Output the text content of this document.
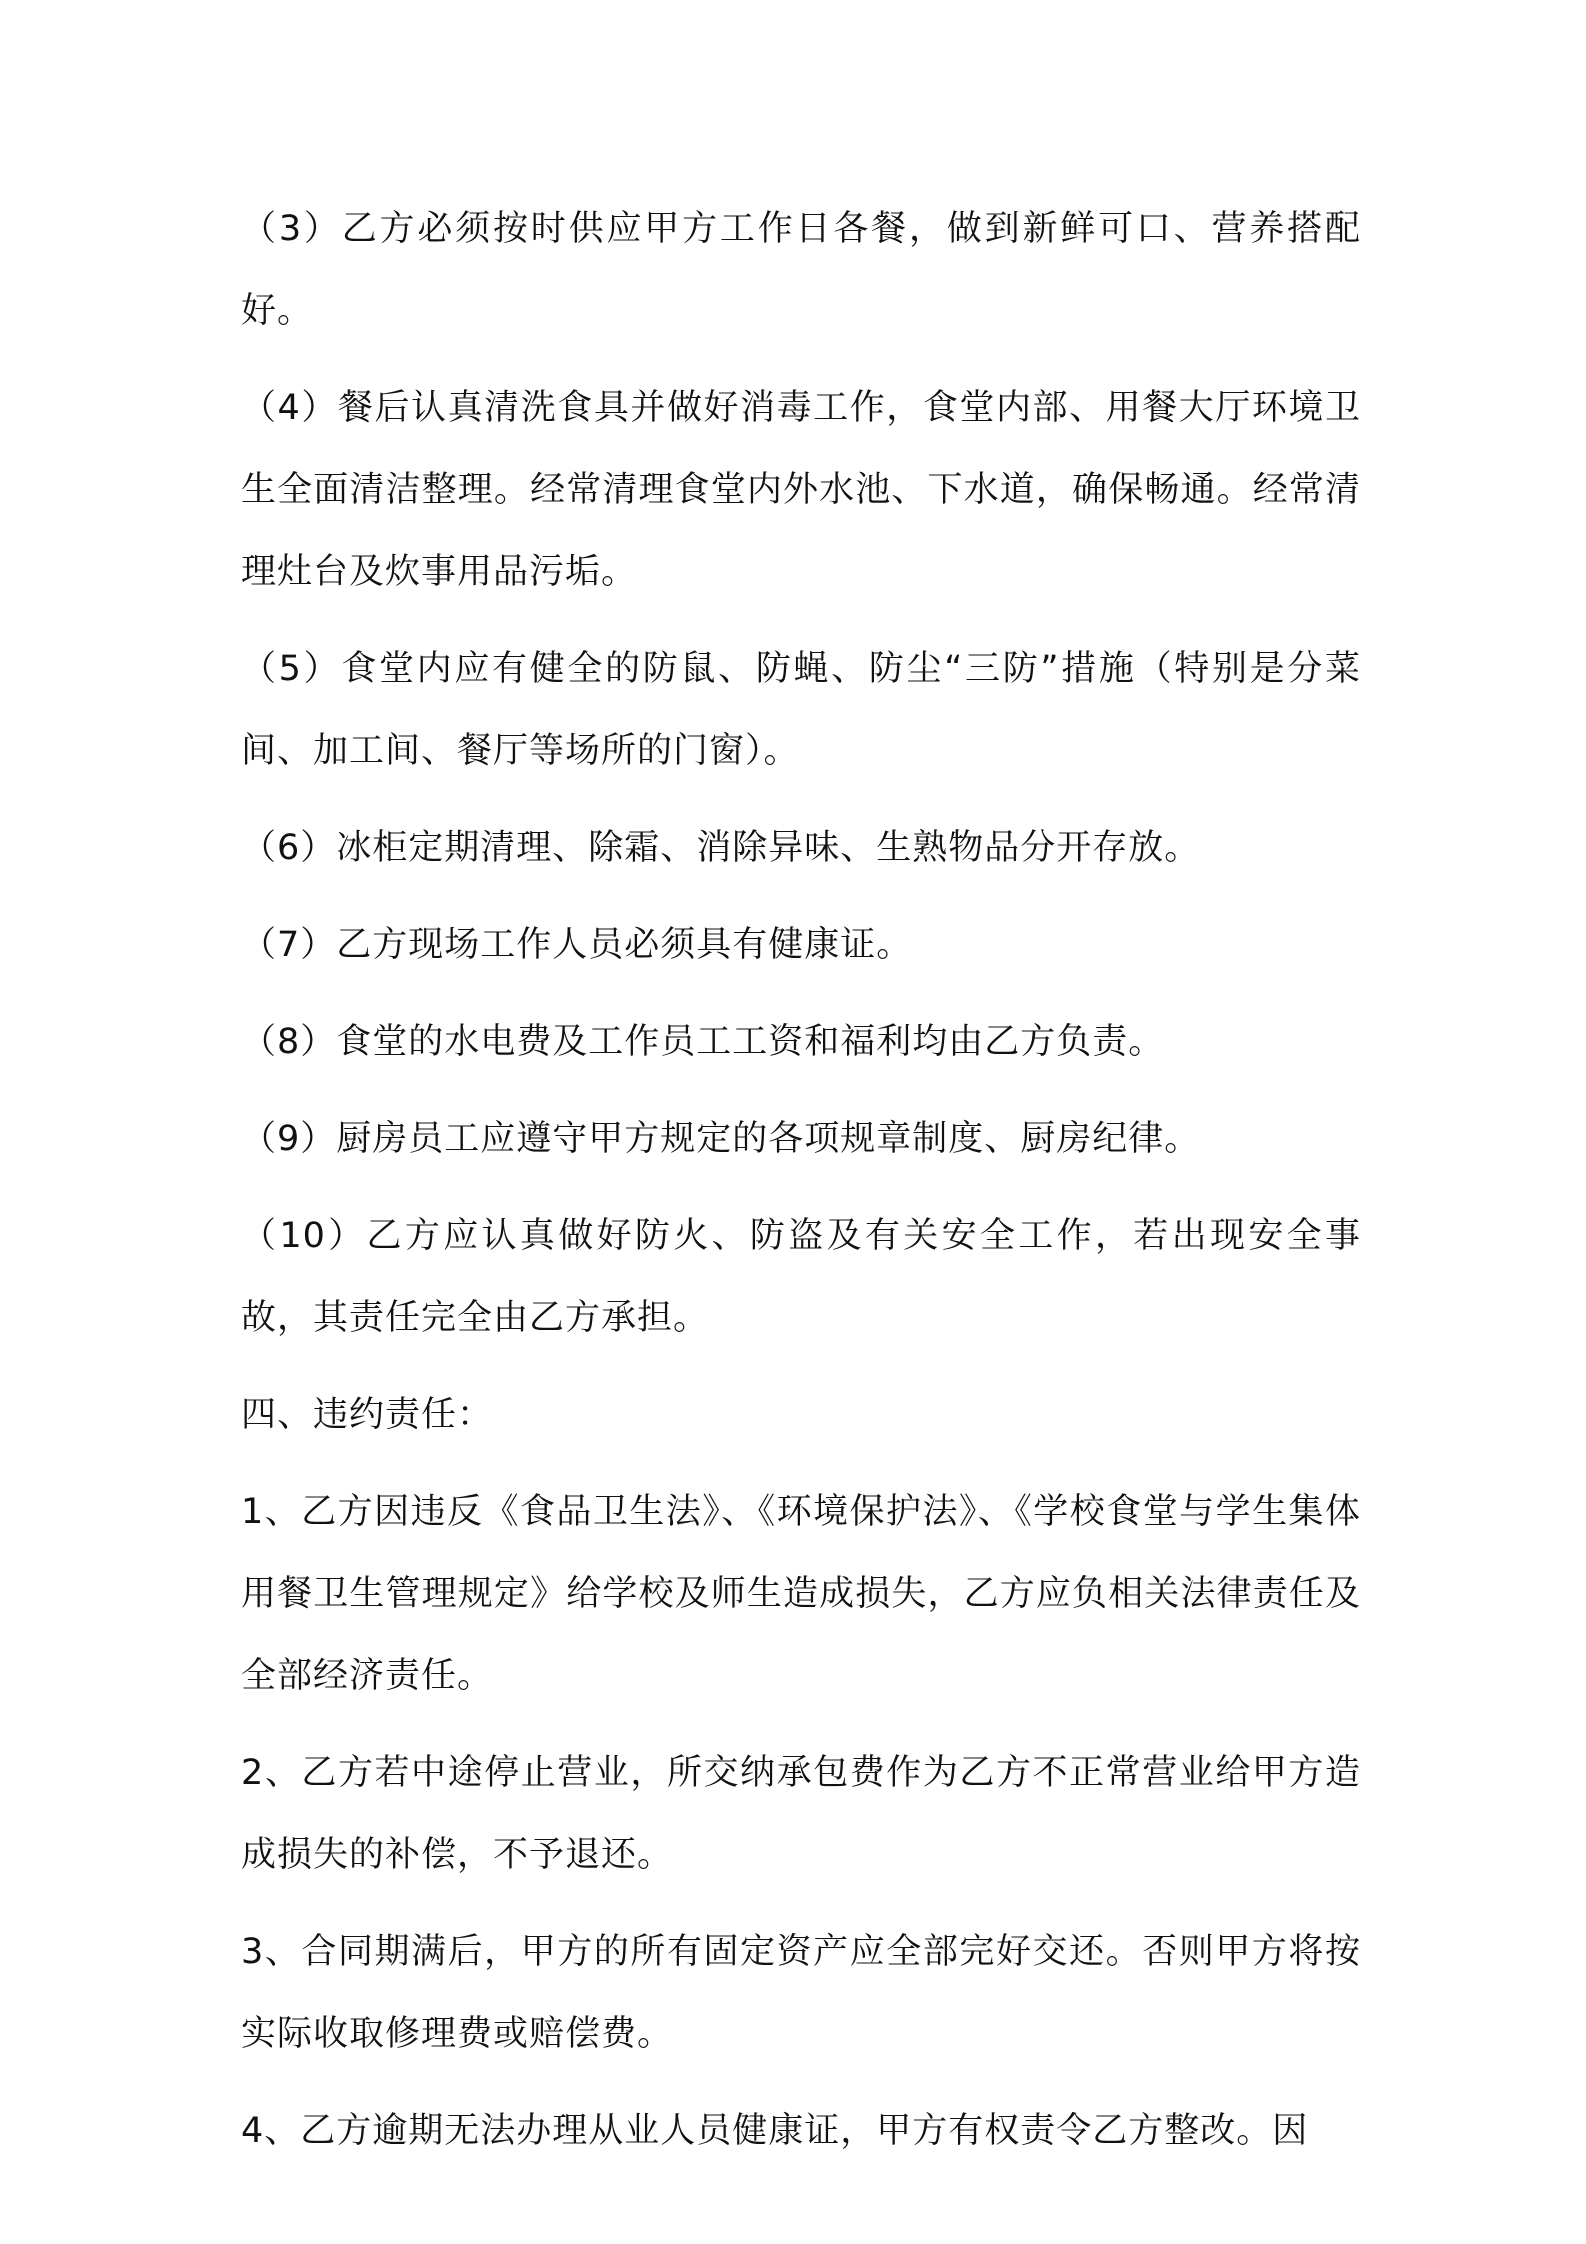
（3）乙方必须按时供应甲方工作日各餐，做到新鲜可口、营养搭配好。

（4）餐后认真清洗食具并做好消毒工作，食堂内部、用餐大厅环境卫生全面清洁整理。经常清理食堂内外水池、下水道，确保畅通。经常清理灶台及炊事用品污垢。

（5）食堂内应有健全的防鼠、防蝇、防尘“三防”措施（特别是分菜间、加工间、餐厅等场所的门窗）。

（6）冰柜定期清理、除霜、消除异味、生熟物品分开存放。

（7）乙方现场工作人员必须具有健康证。

（8）食堂的水电费及工作员工工资和福利均由乙方负责。

（9）厨房员工应遵守甲方规定的各项规章制度、厨房纪律。

（10）乙方应认真做好防火、防盗及有关安全工作，若出现安全事故，其责任完全由乙方承担。

四、违约责任：

1、乙方因违反《食品卫生法》、《环境保护法》、《学校食堂与学生集体用餐卫生管理规定》给学校及师生造成损失，乙方应负相关法律责任及全部经济责任。

2、乙方若中途停止营业，所交纳承包费作为乙方不正常营业给甲方造成损失的补偿，不予退还。

3、合同期满后，甲方的所有固定资产应全部完好交还。否则甲方将按实际收取修理费或赔偿费。

4、乙方逾期无法办理从业人员健康证，甲方有权责令乙方整改。因
